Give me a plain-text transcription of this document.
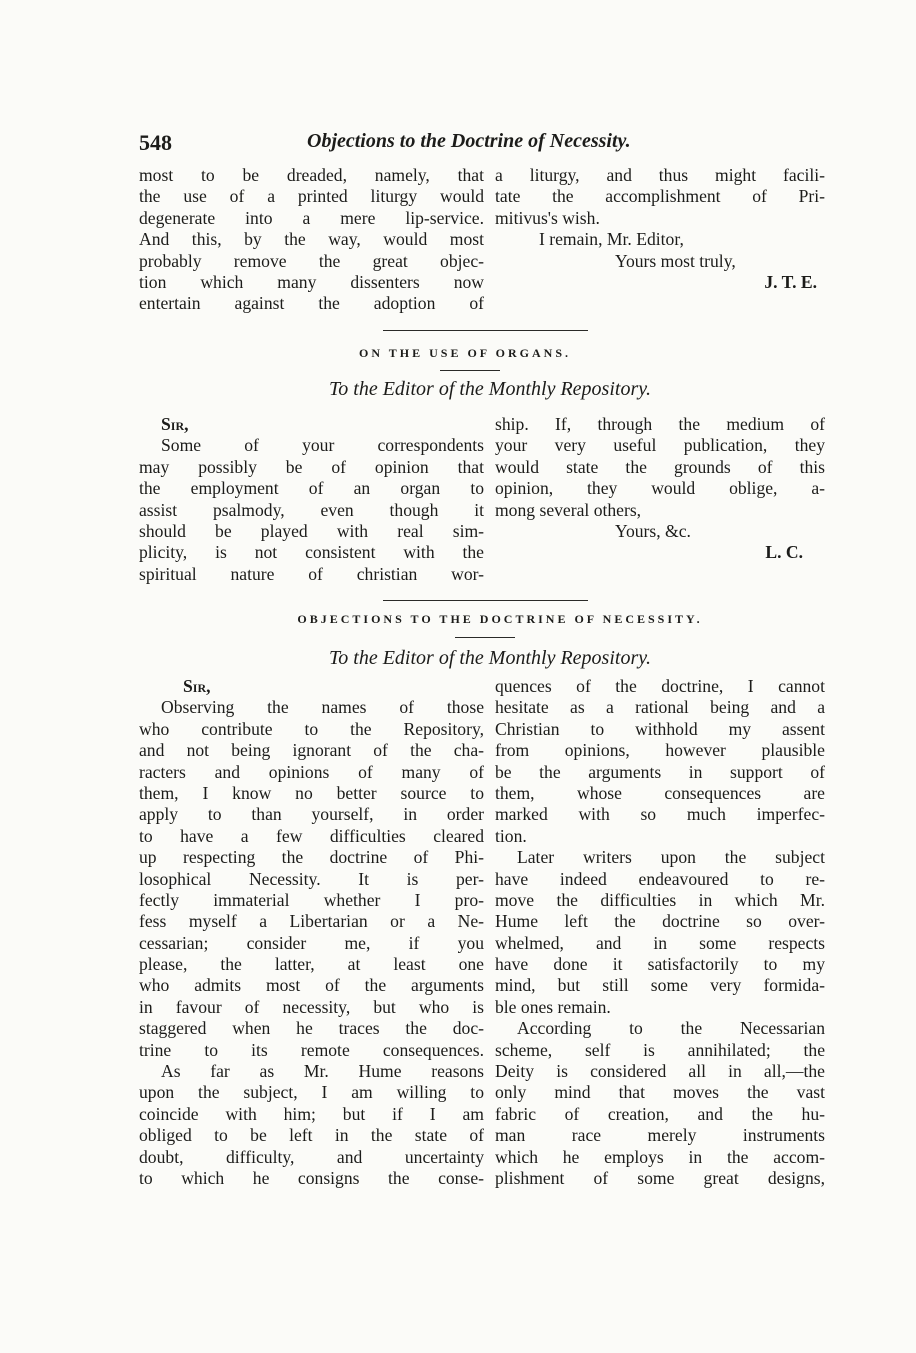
548	Objections to the Doctrine of Necessity.
most to be dreaded, namely, that
the use of a printed liturgy would
degenerate into a mere lip-service.
And this, by the way, would most
probably remove the great objec-
tion which many dissenters now
entertain against the adoption of
a liturgy, and thus might facili-
tate the accomplishment of Pri-
mitivus's wish.
I remain, Mr. Editor,
Yours most truly,
J. T. E.
ON THE USE OF ORGANS.
To the Editor of the Monthly Repository.
Sir,
Some of your correspondents
may possibly be of opinion that
the employment of an organ to
assist psalmody, even though it
should be played with real sim-
plicity, is not consistent with the
spiritual nature of christian wor-
ship. If, through the medium of
your very useful publication, they
would state the grounds of this
opinion, they would oblige, a-
mong several others,
Yours, &c.
L. C.
OBJECTIONS TO THE DOCTRINE OF NECESSITY.
To the Editor of the Monthly Repository.
Sir,
Observing the names of those
who contribute to the Repository,
and not being ignorant of the cha-
racters and opinions of many of
them, I know no better source to
apply to than yourself, in order
to have a few difficulties cleared
up respecting the doctrine of Phi-
losophical Necessity. It is per-
fectly immaterial whether I pro-
fess myself a Libertarian or a Ne-
cessarian; consider me, if you
please, the latter, at least one
who admits most of the arguments
in favour of necessity, but who is
staggered when he traces the doc-
trine to its remote consequences.
As far as Mr. Hume reasons
upon the subject, I am willing to
coincide with him; but if I am
obliged to be left in the state of
doubt, difficulty, and uncertainty
to which he consigns the conse-
quences of the doctrine, I cannot
hesitate as a rational being and a
Christian to withhold my assent
from opinions, however plausible
be the arguments in support of
them, whose consequences are
marked with so much imperfec-
tion.
Later writers upon the subject
have indeed endeavoured to re-
move the difficulties in which Mr.
Hume left the doctrine so over-
whelmed, and in some respects
have done it satisfactorily to my
mind, but still some very formida-
ble ones remain.
According to the Necessarian
scheme, self is annihilated; the
Deity is considered all in all,—the
only mind that moves the vast
fabric of creation, and the hu-
man race merely instruments
which he employs in the accom-
plishment of some great designs,
